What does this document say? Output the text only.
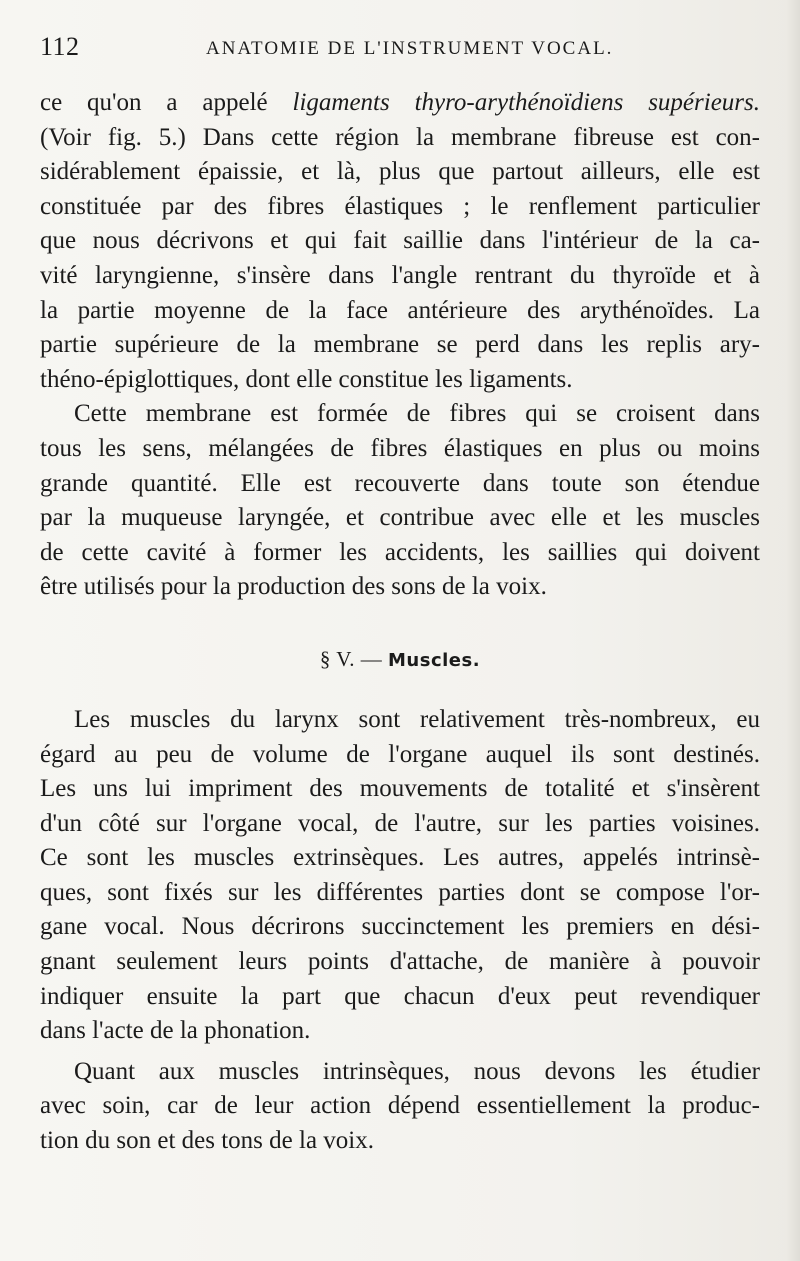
112	ANATOMIE DE L'INSTRUMENT VOCAL.
ce qu'on a appelé ligaments thyro-arythénoïdiens supérieurs.
(Voir fig. 5.) Dans cette région la membrane fibreuse est con-
sidérablement épaissie, et là, plus que partout ailleurs, elle est
constituée par des fibres élastiques ; le renflement particulier
que nous décrivons et qui fait saillie dans l'intérieur de la ca-
vité laryngienne, s'insère dans l'angle rentrant du thyroïde et à
la partie moyenne de la face antérieure des arythénoïdes. La
partie supérieure de la membrane se perd dans les replis ary-
théno-épiglottiques, dont elle constitue les ligaments.
Cette membrane est formée de fibres qui se croisent dans
tous les sens, mélangées de fibres élastiques en plus ou moins
grande quantité. Elle est recouverte dans toute son étendue
par la muqueuse laryngée, et contribue avec elle et les muscles
de cette cavité à former les accidents, les saillies qui doivent
être utilisés pour la production des sons de la voix.
§ V. — Muscles.
Les muscles du larynx sont relativement très-nombreux, eu
égard au peu de volume de l'organe auquel ils sont destinés.
Les uns lui impriment des mouvements de totalité et s'insèrent
d'un côté sur l'organe vocal, de l'autre, sur les parties voisines.
Ce sont les muscles extrinsèques. Les autres, appelés intrinsè-
ques, sont fixés sur les différentes parties dont se compose l'or-
gane vocal. Nous décrirons succinctement les premiers en dési-
gnant seulement leurs points d'attache, de manière à pouvoir
indiquer ensuite la part que chacun d'eux peut revendiquer
dans l'acte de la phonation.
Quant aux muscles intrinsèques, nous devons les étudier
avec soin, car de leur action dépend essentiellement la produc-
tion du son et des tons de la voix.
